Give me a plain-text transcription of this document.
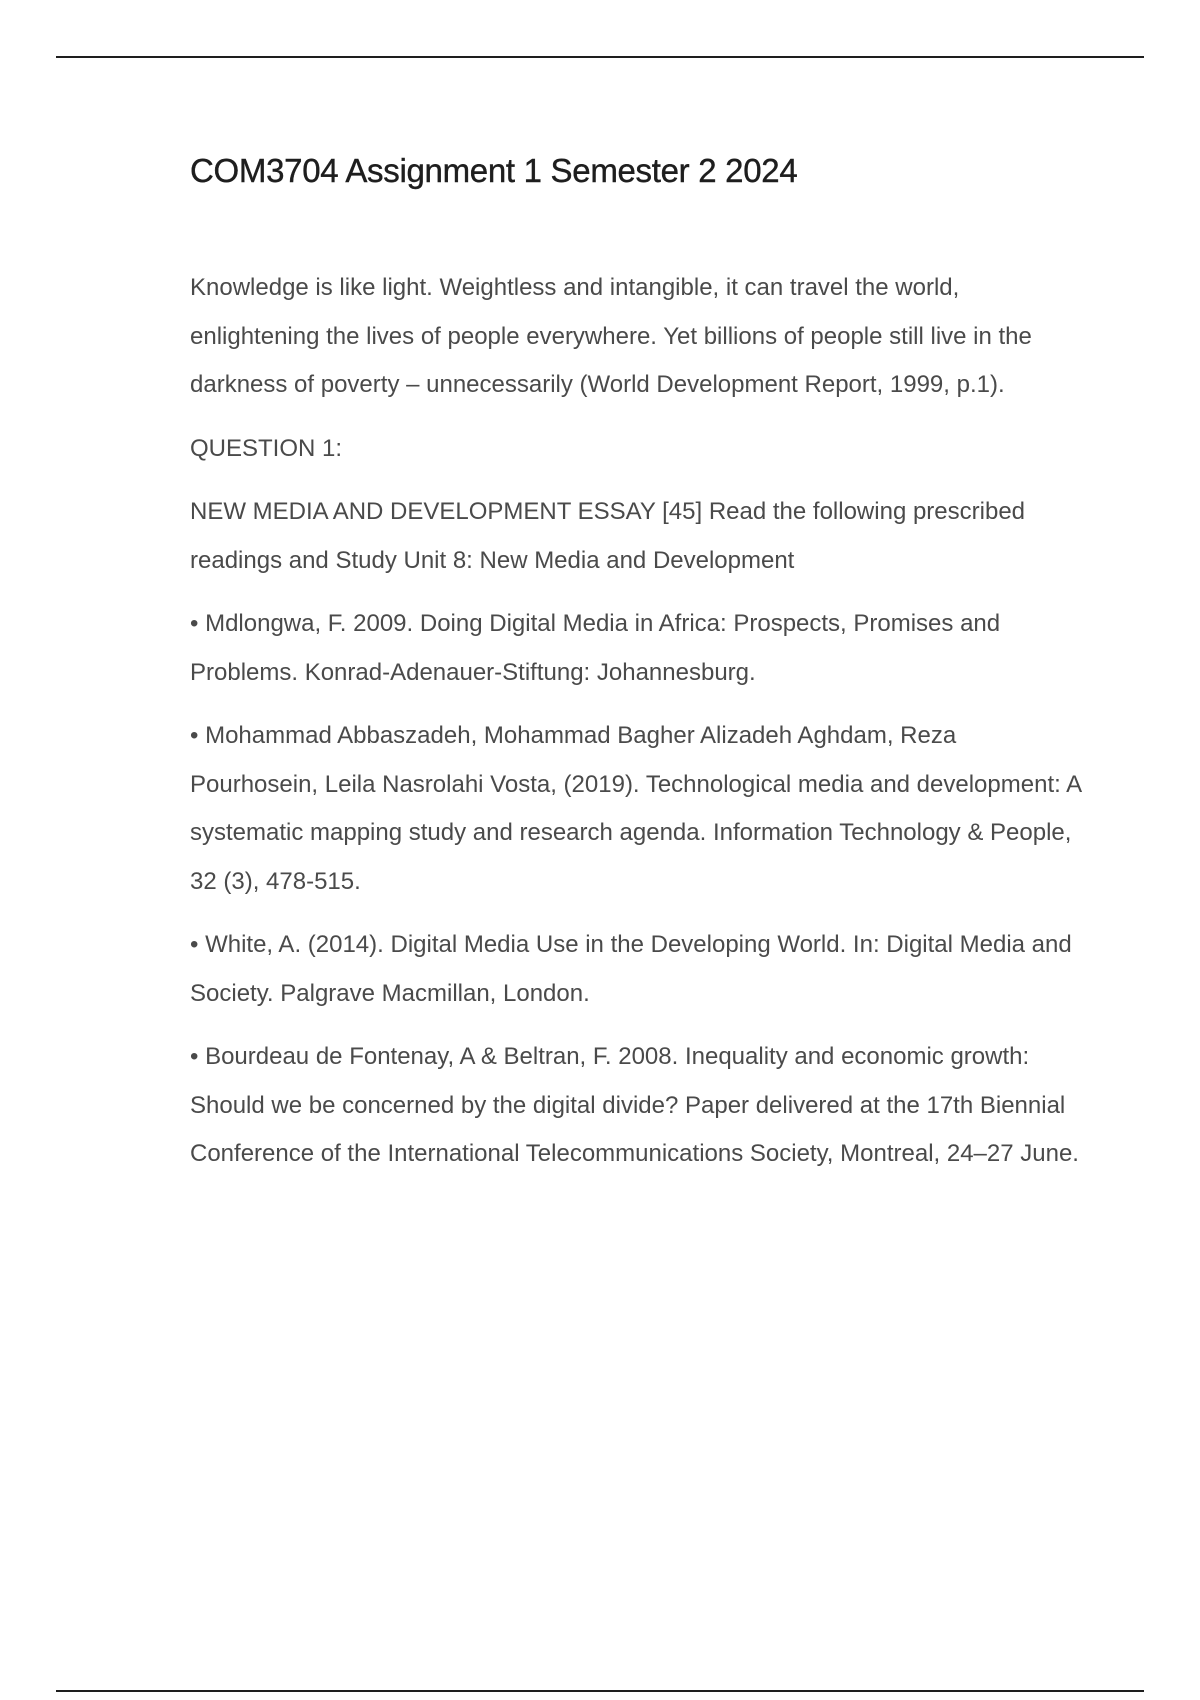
COM3704 Assignment 1 Semester 2 2024

Knowledge is like light. Weightless and intangible, it can travel the world, enlightening the lives of people everywhere. Yet billions of people still live in the darkness of poverty – unnecessarily (World Development Report, 1999, p.1).

QUESTION 1:

NEW MEDIA AND DEVELOPMENT ESSAY [45] Read the following prescribed readings and Study Unit 8: New Media and Development

• Mdlongwa, F. 2009. Doing Digital Media in Africa: Prospects, Promises and Problems. Konrad-Adenauer-Stiftung: Johannesburg.

• Mohammad Abbaszadeh, Mohammad Bagher Alizadeh Aghdam, Reza Pourhosein, Leila Nasrolahi Vosta, (2019). Technological media and development: A systematic mapping study and research agenda. Information Technology & People, 32 (3), 478-515.

• White, A. (2014). Digital Media Use in the Developing World. In: Digital Media and Society. Palgrave Macmillan, London.

• Bourdeau de Fontenay, A & Beltran, F. 2008. Inequality and economic growth: Should we be concerned by the digital divide? Paper delivered at the 17th Biennial Conference of the International Telecommunications Society, Montreal, 24–27 June.
